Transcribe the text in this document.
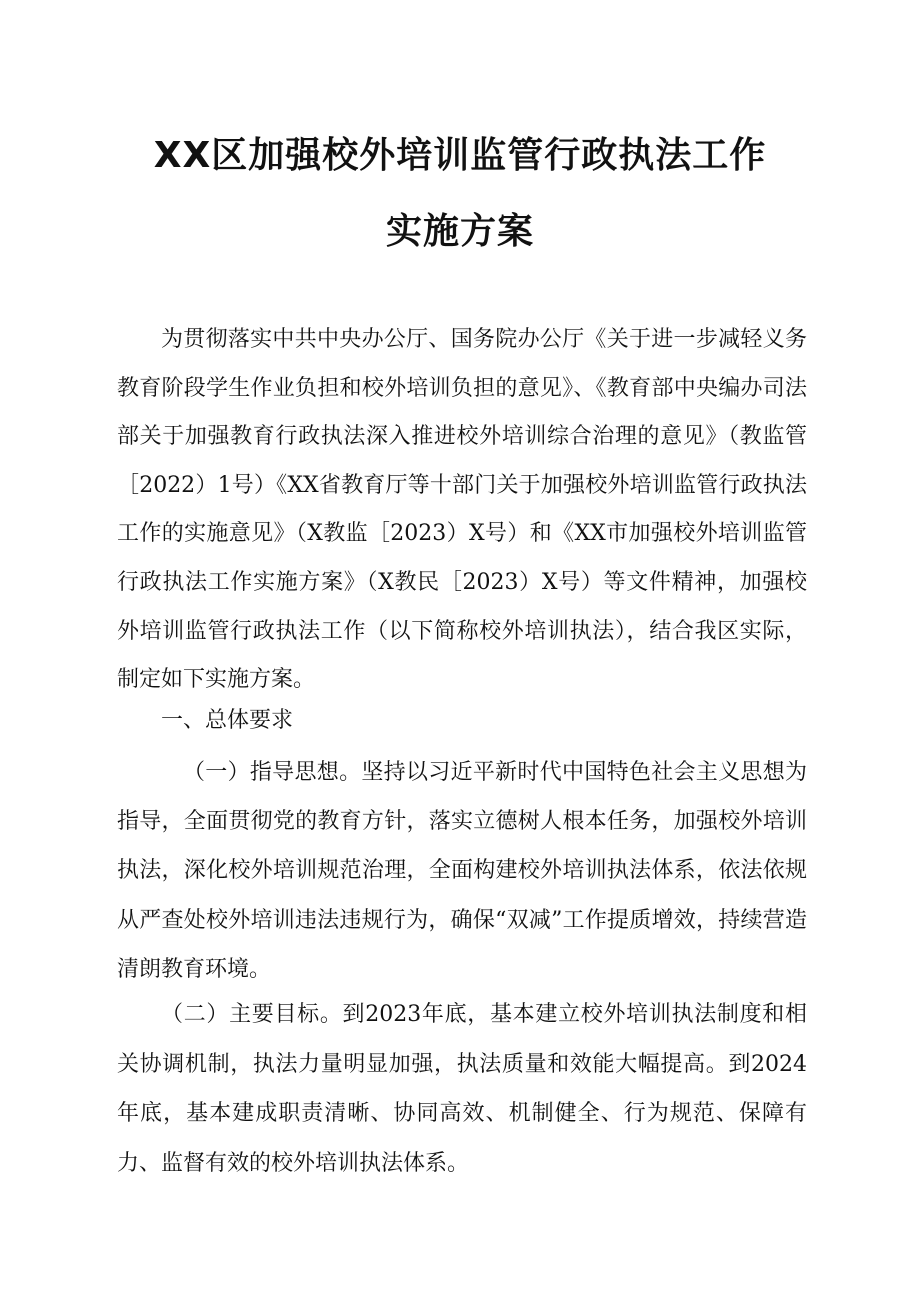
XX区加强校外培训监管行政执法工作
实施方案
为贯彻落实中共中央办公厅、国务院办公厅《关于进一步减轻义务教育阶段学生作业负担和校外培训负担的意见》、《教育部中央编办司法部关于加强教育行政执法深入推进校外培训综合治理的意见》（教监管［2022）1号）《XX省教育厅等十部门关于加强校外培训监管行政执法工作的实施意见》（X教监［2023）X号）和《XX市加强校外培训监管行政执法工作实施方案》（X教民［2023）X号）等文件精神，加强校外培训监管行政执法工作（以下简称校外培训执法），结合我区实际，制定如下实施方案。
一、总体要求
（一）指导思想。坚持以习近平新时代中国特色社会主义思想为指导，全面贯彻党的教育方针，落实立德树人根本任务，加强校外培训执法，深化校外培训规范治理，全面构建校外培训执法体系，依法依规从严查处校外培训违法违规行为，确保“双减”工作提质增效，持续营造清朗教育环境。
（二）主要目标。到2023年底，基本建立校外培训执法制度和相关协调机制，执法力量明显加强，执法质量和效能大幅提高。到2024年底，基本建成职责清晰、协同高效、机制健全、行为规范、保障有力、监督有效的校外培训执法体系。
